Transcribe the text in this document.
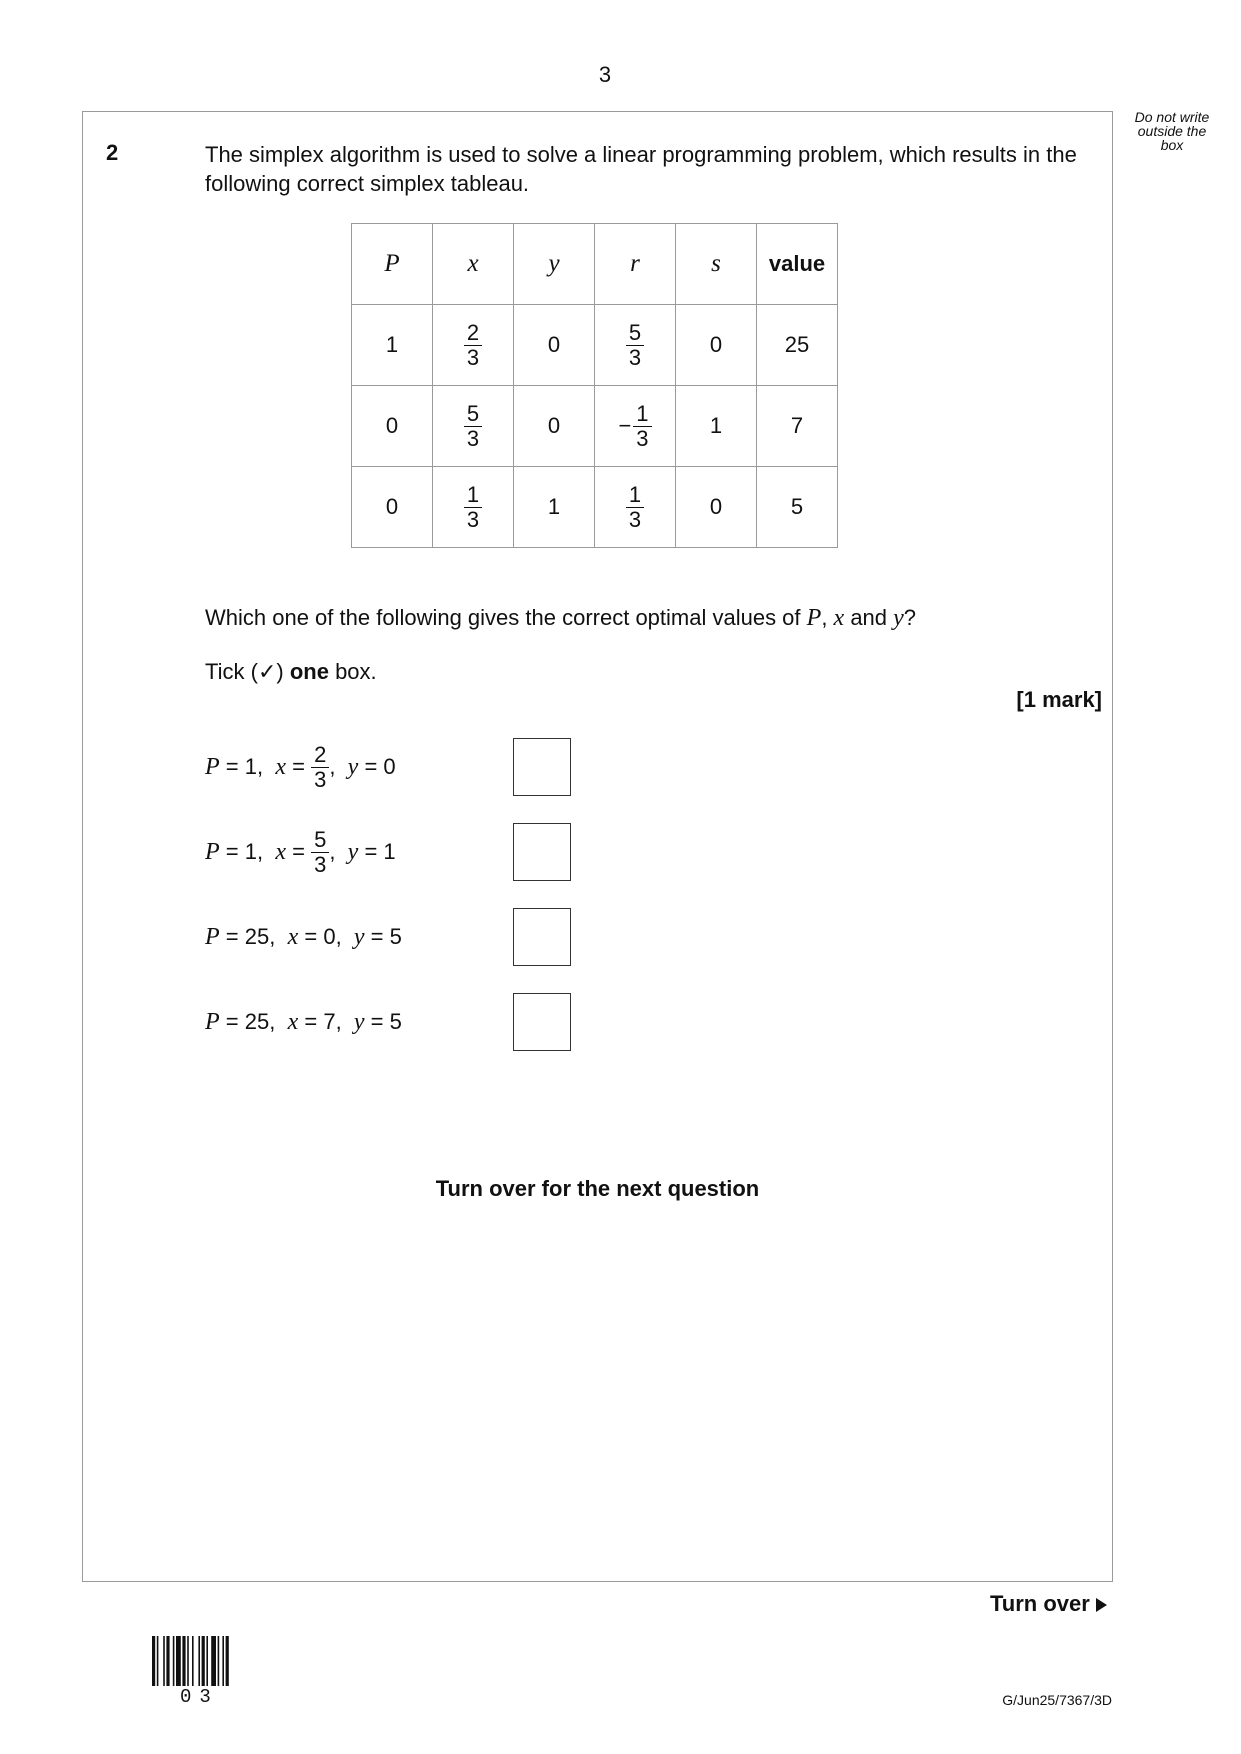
3
Do not write outside the box
2	The simplex algorithm is used to solve a linear programming problem, which results in the following correct simplex tableau.
P	x	y	r	s	value
1	$\frac{2}{3}$	0	$\frac{5}{3}$	0	25
0	$\frac{5}{3}$	0	− $\frac{1}{3}$	1	7
0	$\frac{1}{3}$	1	$\frac{1}{3}$	0	5
Which one of the following gives the correct optimal values of P, x and y?
Tick (✓) one box.
[1 mark]
P = 1 , $x = \frac{2}{3}$ , y = 0
P = 1 , $x = \frac{5}{3}$ , y = 1
P = 25 , x = 0 , y = 5
P = 25 , x = 7 , y = 5
Turn over for the next question
Turn over
03	G/Jun25/7367/3D
